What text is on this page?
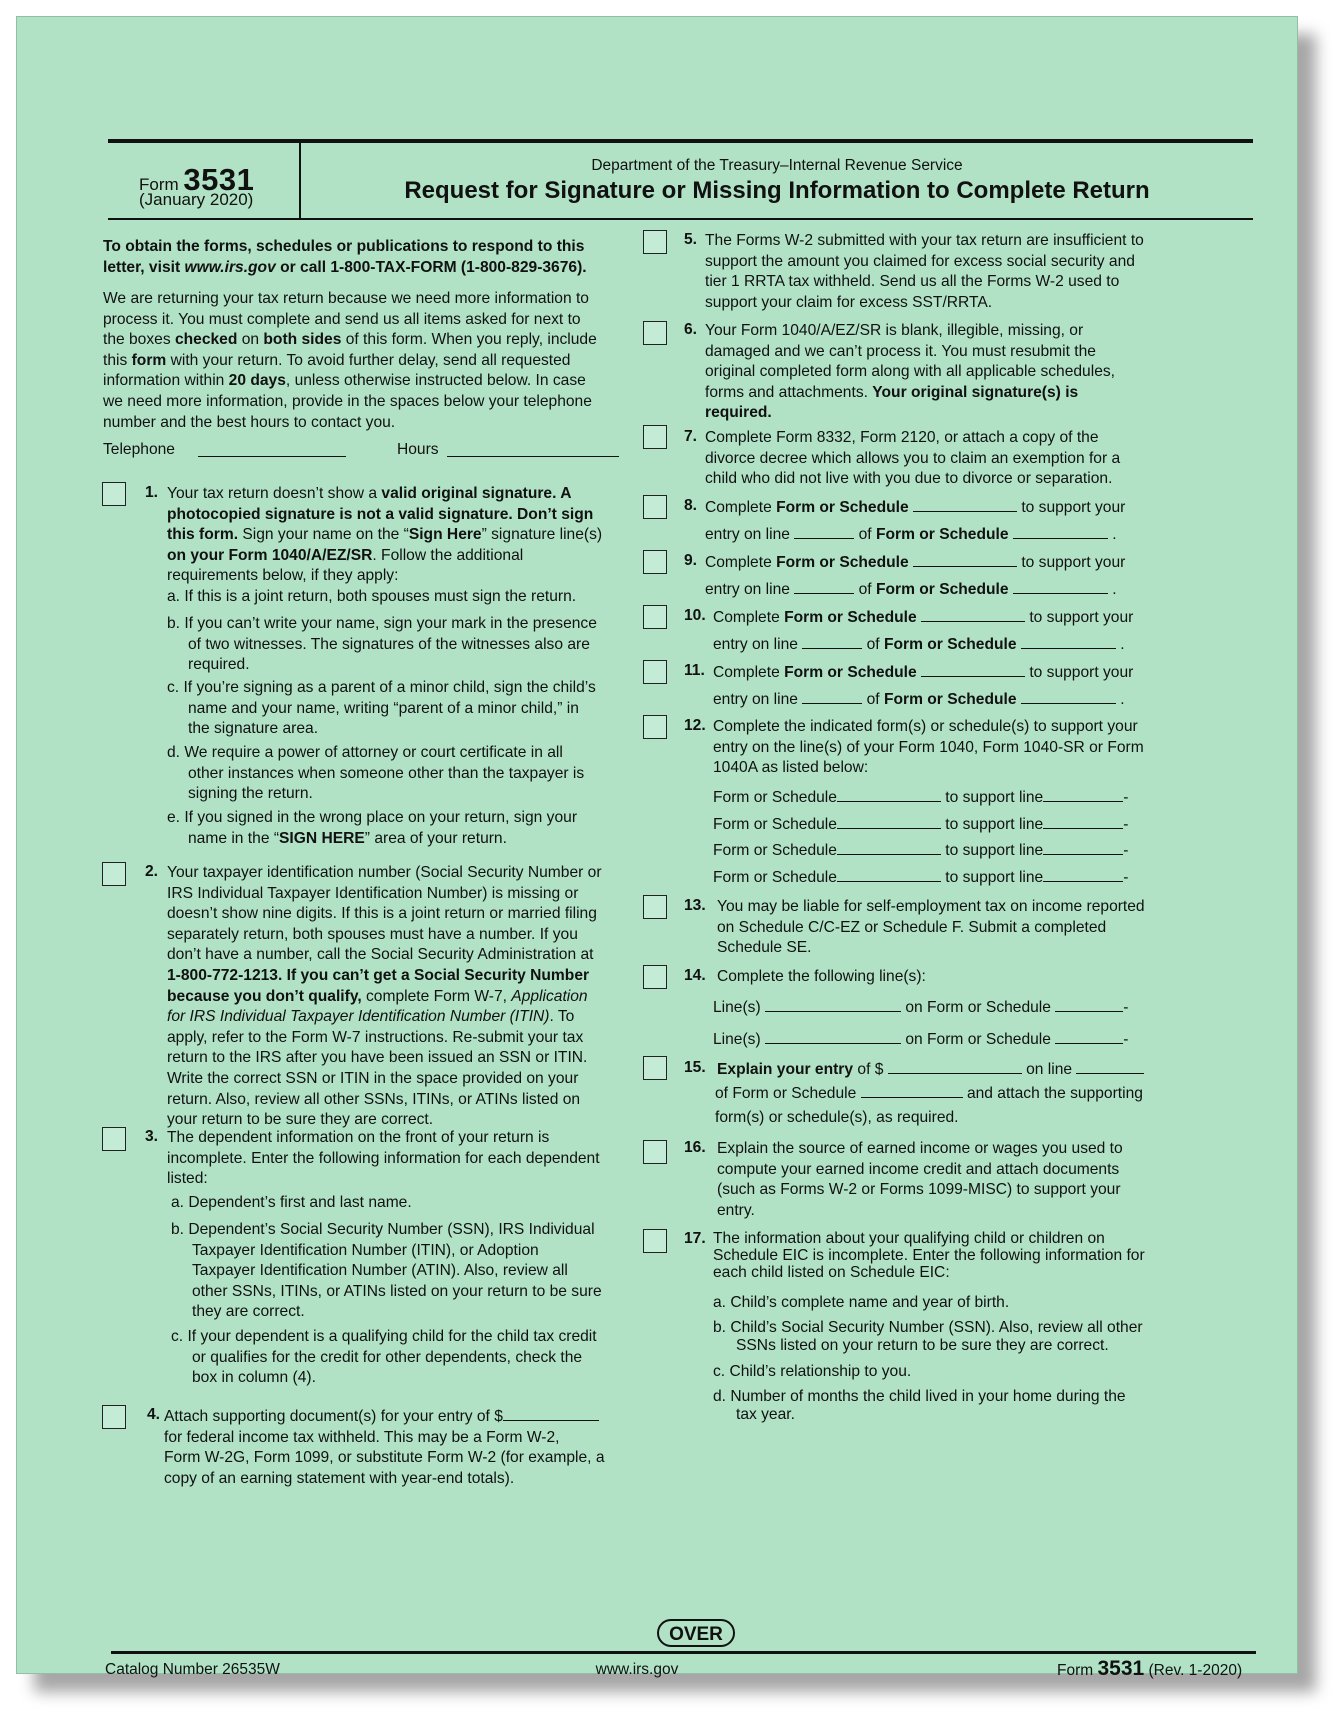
Form 3531
(January 2020)
Department of the Treasury–Internal Revenue Service
Request for Signature or Missing Information to Complete Return
To obtain the forms, schedules or publications to respond to this
letter, visit www.irs.gov or call 1-800-TAX-FORM (1-800-829-3676).
We are returning your tax return because we need more information to
process it. You must complete and send us all items asked for next to
the boxes checked on both sides of this form. When you reply, include
this form with your return. To avoid further delay, send all requested
information within 20 days, unless otherwise instructed below. In case
we need more information, provide in the spaces below your telephone
number and the best hours to contact you.
Telephone	Hours
1. Your tax return doesn’t show a valid original signature. A
photocopied signature is not a valid signature. Don’t sign
this form. Sign your name on the “Sign Here” signature line(s)
on your Form 1040/A/EZ/SR. Follow the additional
requirements below, if they apply:
a. If this is a joint return, both spouses must sign the return.
b. If you can’t write your name, sign your mark in the presence
of two witnesses. The signatures of the witnesses also are
required.
c. If you’re signing as a parent of a minor child, sign the child’s
name and your name, writing “parent of a minor child,” in
the signature area.
d. We require a power of attorney or court certificate in all
other instances when someone other than the taxpayer is
signing the return.
e. If you signed in the wrong place on your return, sign your
name in the “SIGN HERE” area of your return.
2. Your taxpayer identification number (Social Security Number or
IRS Individual Taxpayer Identification Number) is missing or
doesn’t show nine digits. If this is a joint return or married filing
separately return, both spouses must have a number. If you
don’t have a number, call the Social Security Administration at
1-800-772-1213. If you can’t get a Social Security Number
because you don’t qualify, complete Form W-7, Application
for IRS Individual Taxpayer Identification Number (ITIN). To
apply, refer to the Form W-7 instructions. Re-submit your tax
return to the IRS after you have been issued an SSN or ITIN.
Write the correct SSN or ITIN in the space provided on your
return. Also, review all other SSNs, ITINs, or ATINs listed on
your return to be sure they are correct.
3. The dependent information on the front of your return is
incomplete. Enter the following information for each dependent
listed:
a. Dependent’s first and last name.
b. Dependent’s Social Security Number (SSN), IRS Individual
Taxpayer Identification Number (ITIN), or Adoption
Taxpayer Identification Number (ATIN). Also, review all
other SSNs, ITINs, or ATINs listed on your return to be sure
they are correct.
c. If your dependent is a qualifying child for the child tax credit
or qualifies for the credit for other dependents, check the
box in column (4).
4. Attach supporting document(s) for your entry of $
for federal income tax withheld. This may be a Form W-2,
Form W-2G, Form 1099, or substitute Form W-2 (for example, a
copy of an earning statement with year-end totals).
5. The Forms W-2 submitted with your tax return are insufficient to
support the amount you claimed for excess social security and
tier 1 RRTA tax withheld. Send us all the Forms W-2 used to
support your claim for excess SST/RRTA.
6. Your Form 1040/A/EZ/SR is blank, illegible, missing, or
damaged and we can’t process it. You must resubmit the
original completed form along with all applicable schedules,
forms and attachments. Your original signature(s) is
required.
7. Complete Form 8332, Form 2120, or attach a copy of the
divorce decree which allows you to claim an exemption for a
child who did not live with you due to divorce or separation.
8. Complete Form or Schedule	to support your
entry on line	of Form or Schedule	.
9. Complete Form or Schedule	to support your
entry on line	of Form or Schedule	.
10. Complete Form or Schedule	to support your
entry on line	of Form or Schedule	.
11. Complete Form or Schedule	to support your
entry on line	of Form or Schedule	.
12. Complete the indicated form(s) or schedule(s) to support your
entry on the line(s) of your Form 1040, Form 1040-SR or Form
1040A as listed below:
Form or Schedule	to support line	-
Form or Schedule	to support line	-
Form or Schedule	to support line	-
Form or Schedule	to support line	-
13. You may be liable for self-employment tax on income reported
on Schedule C/C-EZ or Schedule F. Submit a completed
Schedule SE.
14. Complete the following line(s):
Line(s)	on Form or Schedule	-
Line(s)	on Form or Schedule	-
15. Explain your entry of $	on line
of Form or Schedule	and attach the supporting
form(s) or schedule(s), as required.
16. Explain the source of earned income or wages you used to
compute your earned income credit and attach documents
(such as Forms W-2 or Forms 1099-MISC) to support your
entry.
17. The information about your qualifying child or children on
Schedule EIC is incomplete. Enter the following information for
each child listed on Schedule EIC:
a. Child’s complete name and year of birth.
b. Child’s Social Security Number (SSN). Also, review all other
SSNs listed on your return to be sure they are correct.
c. Child’s relationship to you.
d. Number of months the child lived in your home during the
tax year.
OVER
Catalog Number 26535W	www.irs.gov	Form 3531 (Rev. 1-2020)
